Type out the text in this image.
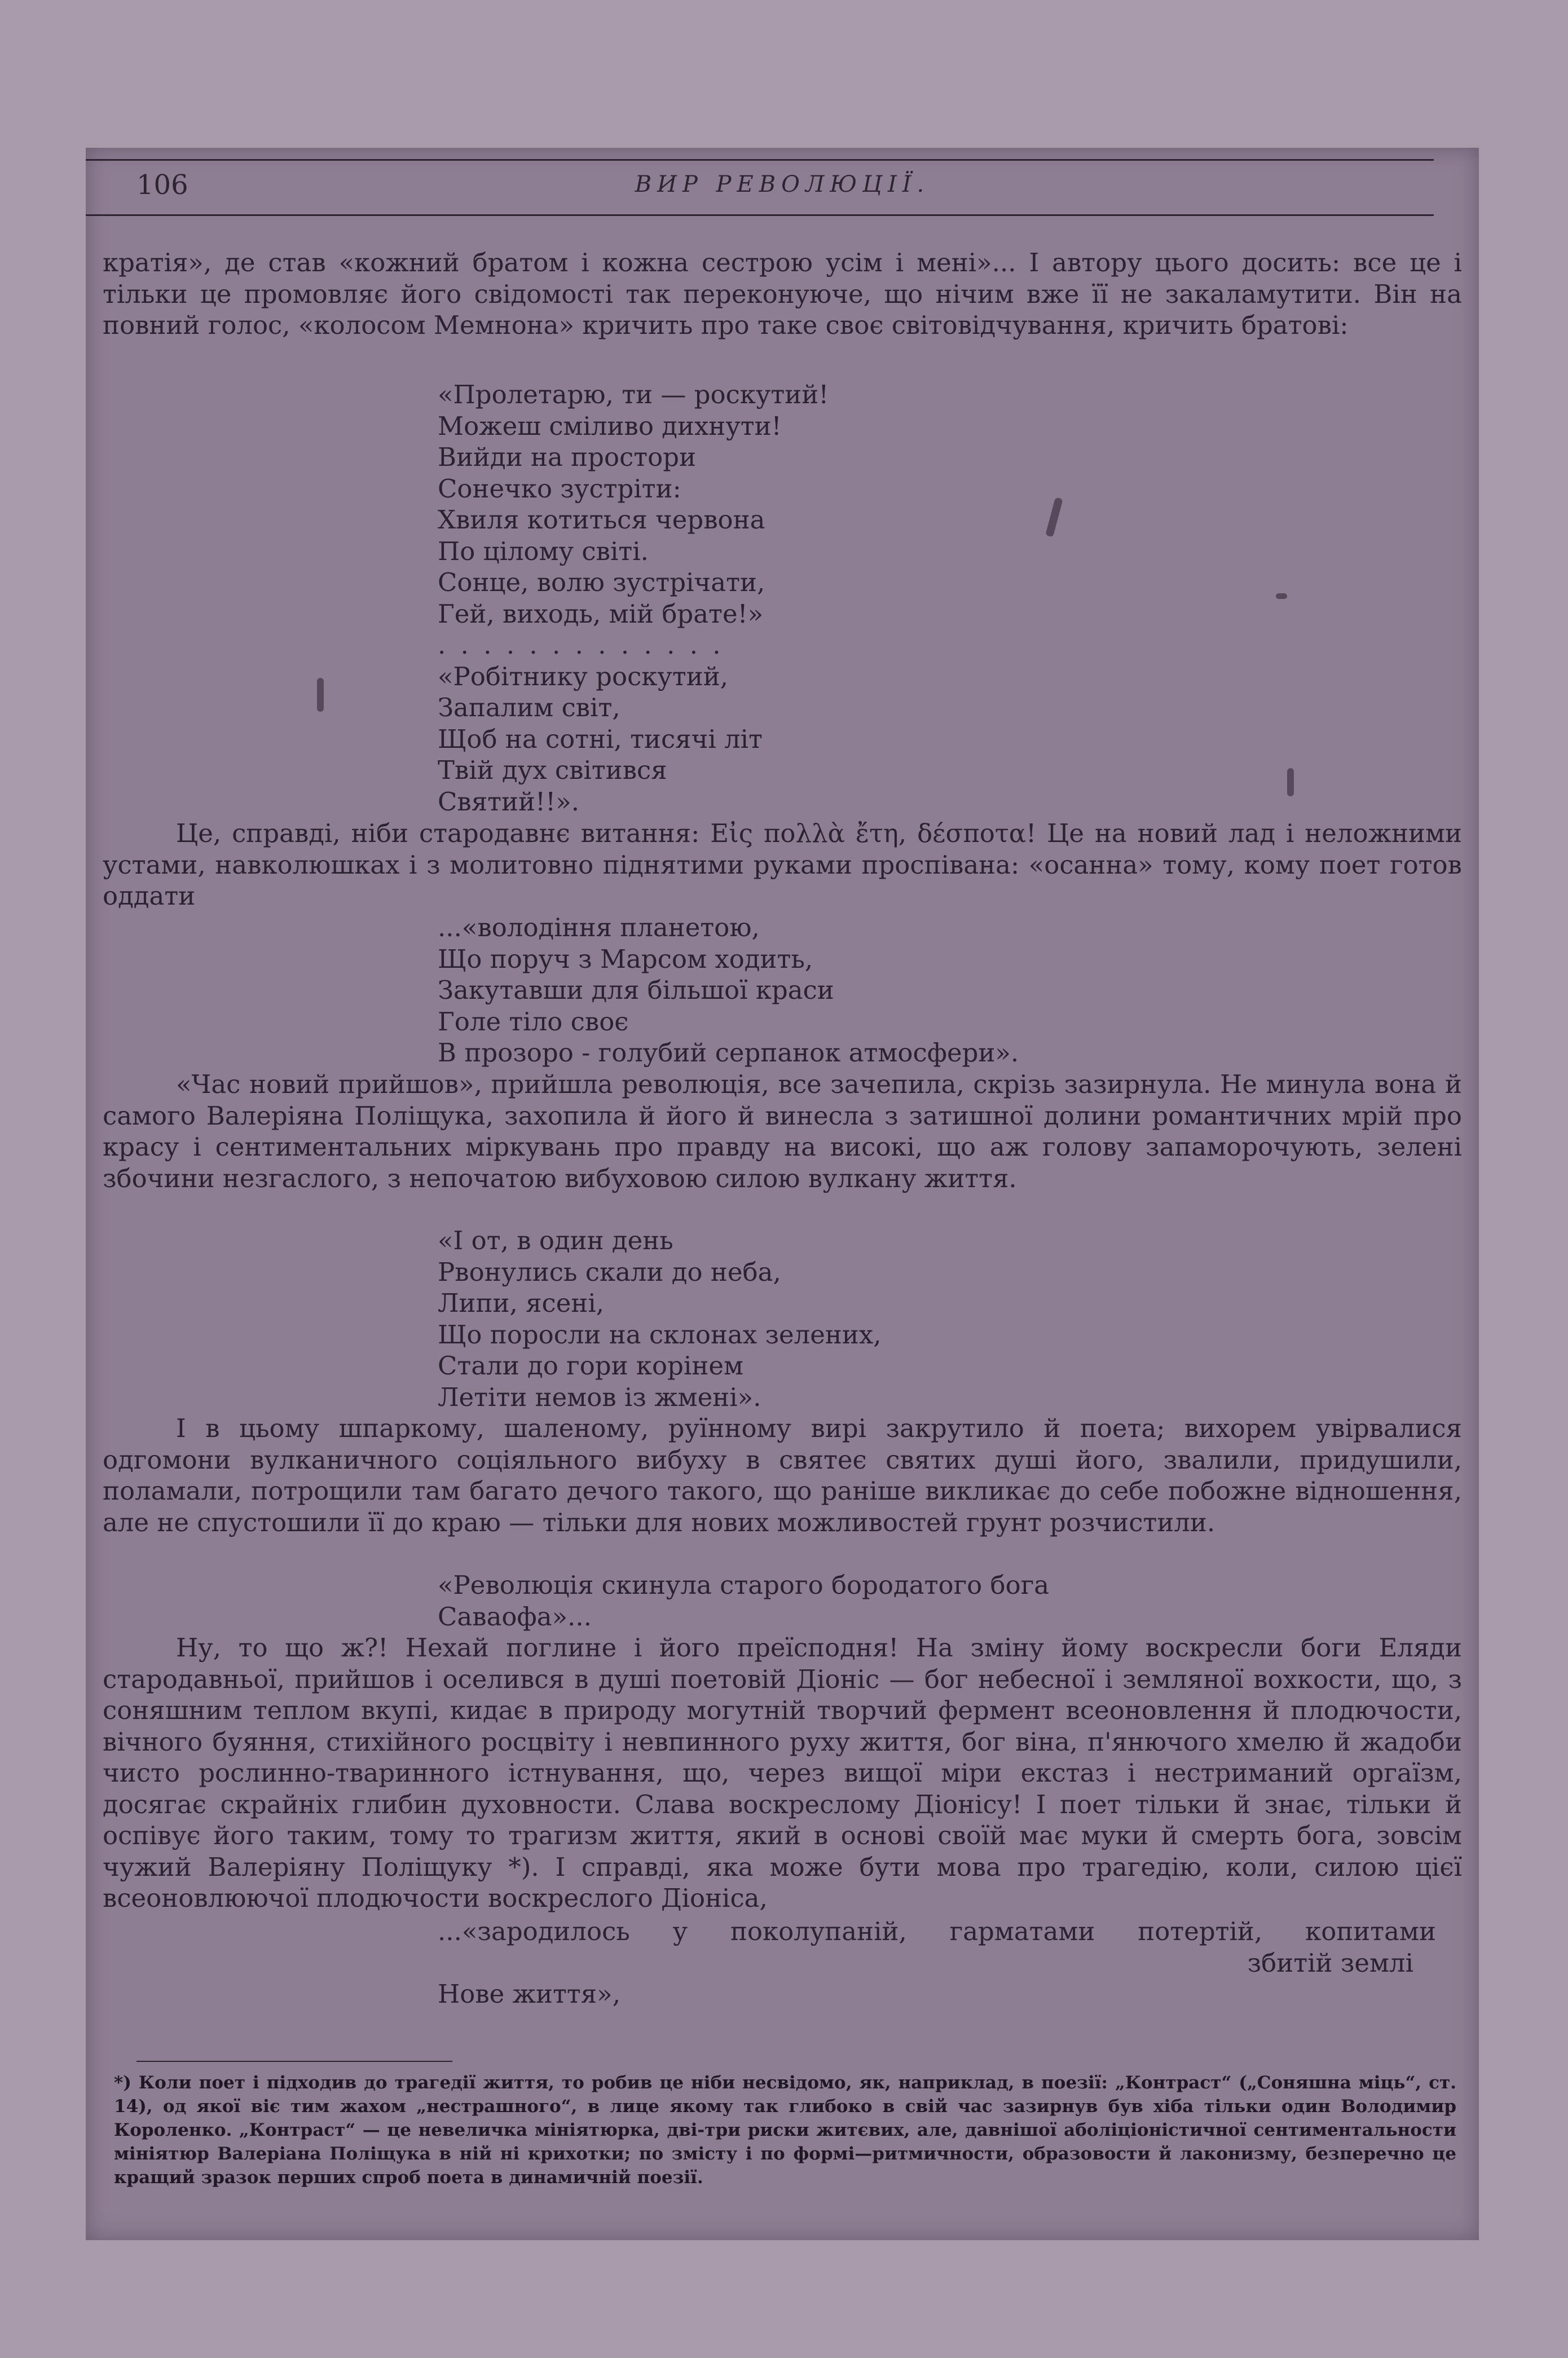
106	ВИР РЕВОЛЮЦІЇ.

кратія», де став «кожний братом і кожна сестрою усім і мені»... І автору цього досить: все це і тільки це промовляє його свідомості так переконуюче, що нічим вже її не закаламутити. Він на повний голос, «колосом Мемнона» кричить про таке своє світовідчування, кричить братові:

«Пролетарю, ти — роскутий!
Можеш сміливо дихнути!
Вийди на простори
Сонечко зустріти:
Хвиля котиться червона
По цілому світі.
Сонце, волю зустрічати,
Гей, виходь, мій брате!»
. . . . . . . . . . . . .
«Робітнику роскутий,
Запалим світ,
Щоб на сотні, тисячі літ
Твій дух світився
Святий!!».

Це, справді, ніби стародавнє витання: Εἰς πολλὰ ἔτη, δέσποτα! Це на новий лад і неложними устами, навколюшках і з молитовно піднятими руками проспівана: «осанна» тому, кому поет готов оддати

...«володіння планетою,
Що поруч з Марсом ходить,
Закутавши для більшої краси
Голе тіло своє
В прозоро - голубий серпанок атмосфери».

«Час новий прийшов», прийшла революція, все зачепила, скрізь зазирнула. Не минула вона й самого Валеріяна Поліщука, захопила й його й винесла з затишної долини романтичних мрій про красу і сентиментальних міркувань про правду на високі, що аж голову запаморочують, зелені збочини незгаслого, з непочатою вибуховою силою вулкану життя.

«І от, в один день
Рвонулись скали до неба,
Липи, ясені,
Що поросли на склонах зелених,
Стали до гори корінем
Летіти немов із жмені».

І в цьому шпаркому, шаленому, руїнному вирі закрутило й поета; вихорем увірвалися одгомони вулканичного соціяльного вибуху в святеє святих душі його, звалили, придушили, поламали, потрощили там багато дечого такого, що раніше викликає до себе побожне відношення, але не спустошили її до краю — тільки для нових можливостей грунт розчистили.

«Революція скинула старого бородатого бога
Саваофа»...

Ну, то що ж?! Нехай поглине і його преїсподня! На зміну йому воскресли боги Еляди стародавньої, прийшов і оселився в душі поетовій Діоніс — бог небесної і земляної вохкости, що, з соняшним теплом вкупі, кидає в природу могутній творчий фермент всеоновлення й плодючости, вічного буяння, стихійного росцвіту і невпинного руху життя, бог віна, п'янючого хмелю й жадоби чисто рослинно-тваринного істнування, що, через вищої міри екстаз і нестриманий оргаїзм, досягає скрайніх глибин духовности. Слава воскреслому Діонісу! І поет тільки й знає, тільки й оспівує його таким, тому то трагизм життя, який в основі своїй має муки й смерть бога, зовсім чужий Валеріяну Поліщуку *). І справді, яка може бути мова про трагедію, коли, силою цієї всеоновлюючої плодючости воскреслого Діоніса,

...«зародилось у поколупаній, гарматами потертій, копитами
збитій землі
Нове життя»,
*) Коли поет і підходив до трагедії життя, то робив це ніби несвідомо, як, наприклад, в поезії: „Контраст“ („Соняшна міць“, ст. 14), од якої віє тим жахом „нестрашного“, в лице якому так глибоко в свій час зазирнув був хіба тільки один Володимир Короленко. „Контраст“ — це невеличка мініятюрка, дві-три риски житєвих, але, давнішої аболіціоністичної сентиментальности мініятюр Валеріана Поліщука в ній ні крихотки; по змісту і по формі—ритмичности, образовости й лаконизму, безперечно це кращий зразок перших спроб поета в динамичній поезії.
